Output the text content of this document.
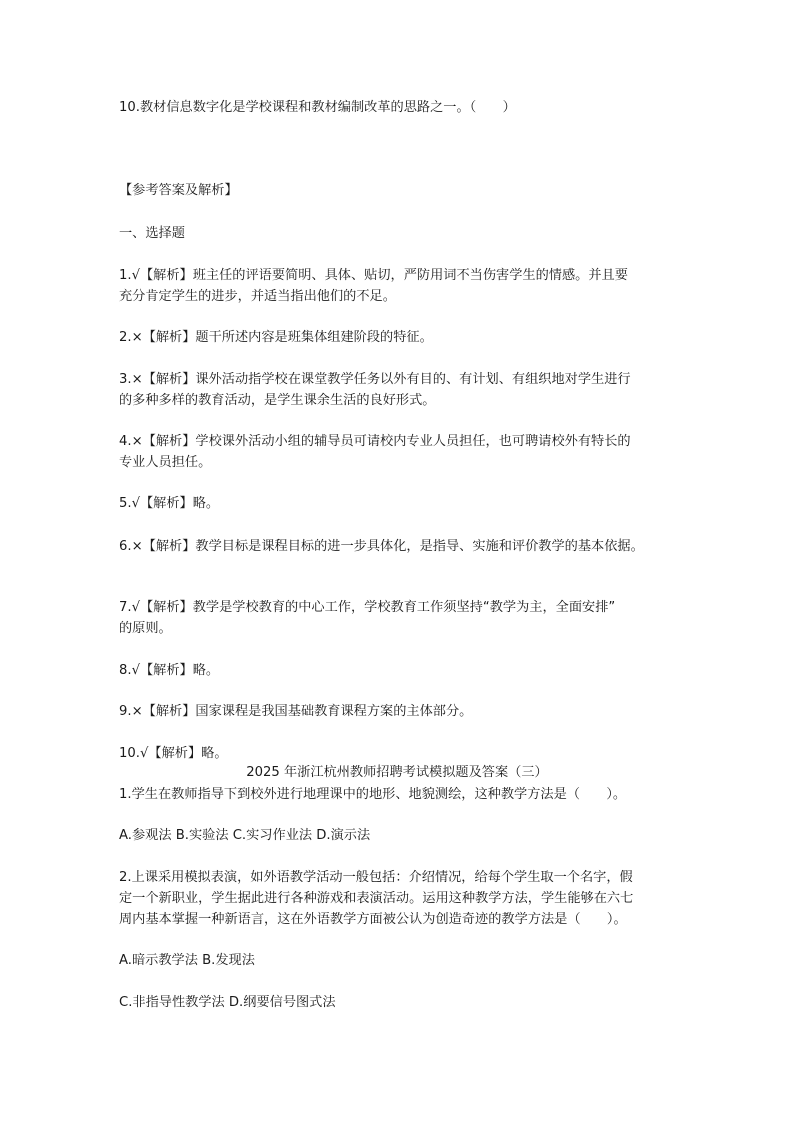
10.教材信息数字化是学校课程和教材编制改革的思路之一。（　　）
【参考答案及解析】
一、选择题
1.√【解析】班主任的评语要简明、具体、贴切，严防用词不当伤害学生的情感。并且要
充分肯定学生的进步，并适当指出他们的不足。
2.×【解析】题干所述内容是班集体组建阶段的特征。
3.×【解析】课外活动指学校在课堂教学任务以外有目的、有计划、有组织地对学生进行
的多种多样的教育活动，是学生课余生活的良好形式。
4.×【解析】学校课外活动小组的辅导员可请校内专业人员担任，也可聘请校外有特长的
专业人员担任。
5.√【解析】略。
6.×【解析】教学目标是课程目标的进一步具体化，是指导、实施和评价教学的基本依据。
7.√【解析】教学是学校教育的中心工作，学校教育工作须坚持“教学为主，全面安排”
的原则。
8.√【解析】略。
9.×【解析】国家课程是我国基础教育课程方案的主体部分。
10.√【解析】略。
2025 年浙江杭州教师招聘考试模拟题及答案（三）
1.学生在教师指导下到校外进行地理课中的地形、地貌测绘，这种教学方法是（　　）。
A.参观法 B.实验法 C.实习作业法 D.演示法
2.上课采用模拟表演，如外语教学活动一般包括：介绍情况，给每个学生取一个名字，假
定一个新职业，学生据此进行各种游戏和表演活动。运用这种教学方法，学生能够在六七
周内基本掌握一种新语言，这在外语教学方面被公认为创造奇迹的教学方法是（　　）。
A.暗示教学法 B.发现法
C.非指导性教学法 D.纲要信号图式法
